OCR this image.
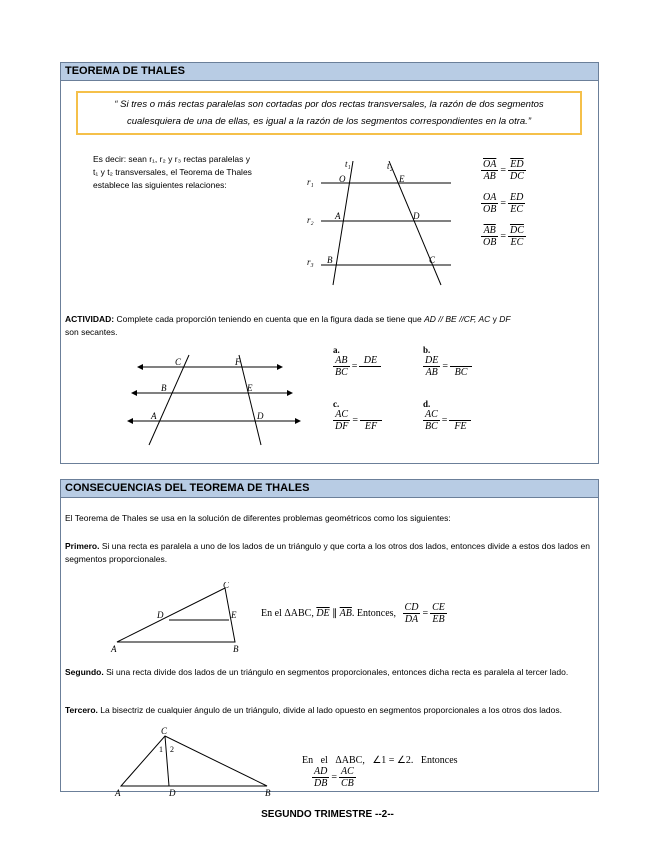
TEOREMA DE THALES
“ Si tres o más rectas paralelas son cortadas por dos rectas transversales, la razón de dos segmentos
cualesquiera de una de ellas, es igual a la razón de los segmentos correspondientes en la otra.”
Es decir: sean r₁, r₂ y r₃ rectas paralelas y
t₁ y t₂ transversales, el Teorema de Thales
establece las siguientes relaciones:
t₁	t₂
r₁
r₂
r₃
O	E
A	D
B	C
$\frac{\overline{OA}}{AB} = \frac{\overline{ED}}{DC}$
$\frac{OA}{OB} = \frac{ED}{EC}$
$\frac{\overline{AB}}{OB} = \frac{\overline{DC}}{EC}$
ACTIVIDAD: Complete cada proporción teniendo en cuenta que en la figura dada se tiene que AD // BE //CF, AC y DF
son secantes.
C	F
B	E
A	D
a.
$\frac{AB}{BC}$ =
DE

b.
$\frac{DE}{AB}$ =

BC
c.
$\frac{AC}{DF}$ =

EF
d.
$\frac{AC}{BC}$ =

FE
CONSECUENCIAS DEL TEOREMA DE THALES
El Teorema de Thales se usa en la solución de diferentes problemas geométricos como los siguientes:
Primero. Si una recta es paralela a uno de los lados de un triángulo y que corta a los otros dos lados, entonces divide a estos dos lados en segmentos proporcionales.
C
D	E
A	B
En el ΔABC, $\overline{DE}$ ∥ $\overline{AB}$. Entonces, $\frac{CD}{DA} = \frac{CE}{EB}$
Segundo. Si una recta divide dos lados de un triángulo en segmentos proporcionales, entonces dicha recta es paralela al tercer lado.
Tercero. La bisectriz de cualquier ángulo de un triángulo, divide al lado opuesto en segmentos proporcionales a los otros dos lados.
C
1 2
A	D	B

En   el   ΔABC,   ∠1 = ∠2.   Entonces

$\frac{AD}{DB} = \frac{AC}{CB}$

SEGUNDO TRIMESTRE --2--
